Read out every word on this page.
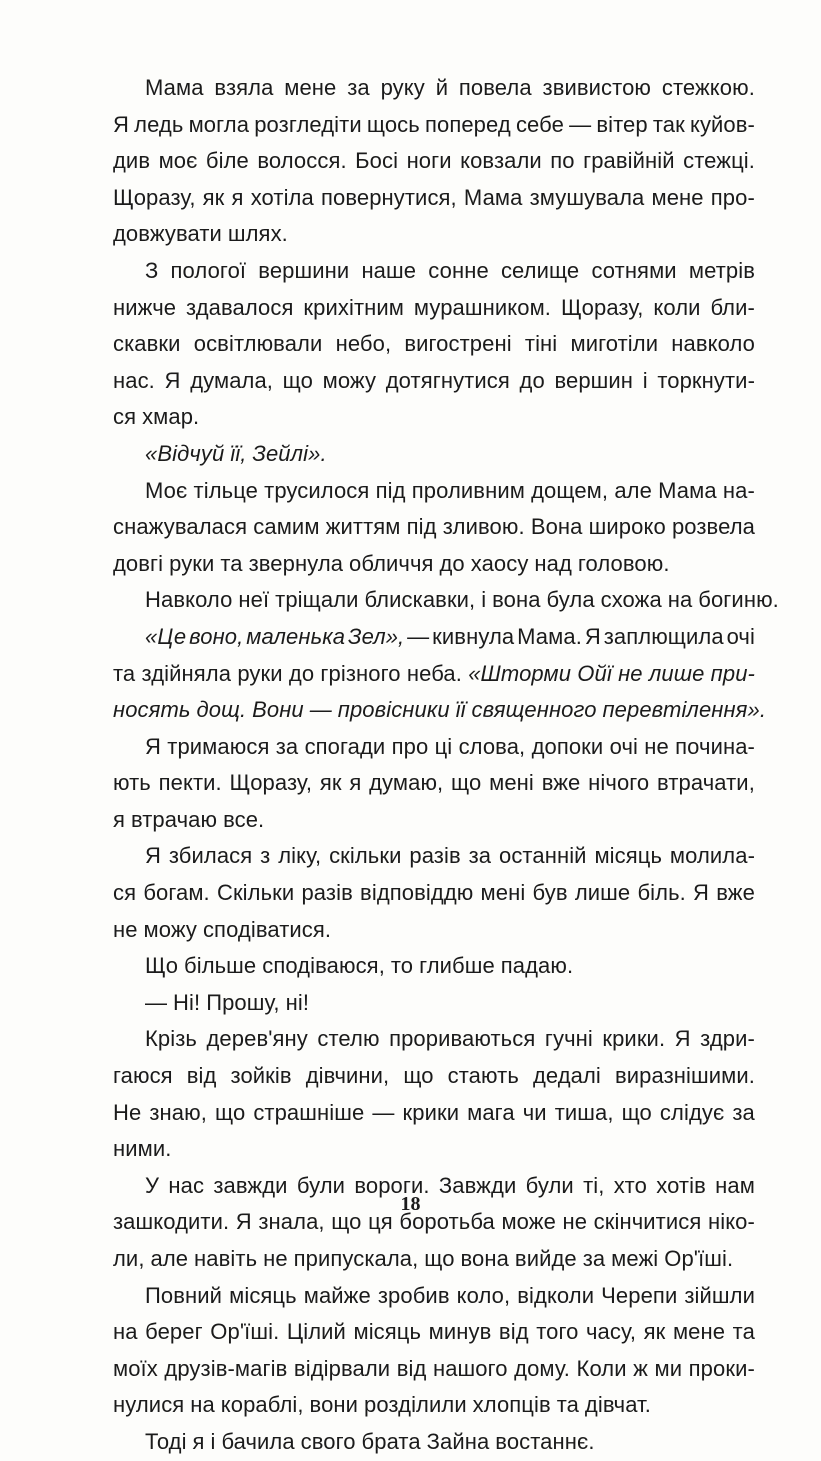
Мама взяла мене за руку й повела звивистою стежкою.
Я ледь могла розгледіти щось поперед себе — вітер так куйов-
див моє біле волосся. Босі ноги ковзали по гравійній стежці.
Щоразу, як я хотіла повернутися, Мама змушувала мене про-
довжувати шлях.
З пологої вершини наше сонне селище сотнями метрів
нижче здавалося крихітним мурашником. Щоразу, коли бли-
скавки освітлювали небо, вигострені тіні миготіли навколо
нас. Я думала, що можу дотягнутися до вершин і торкнути-
ся хмар.
«Відчуй її, Зейлі».
Моє тільце трусилося під проливним дощем, але Мама на-
снажувалася самим життям під зливою. Вона широко розвела
довгі руки та звернула обличчя до хаосу над головою.
Навколо неї тріщали блискавки, і вона була схожа на богиню.
«Це воно, маленька Зел», — кивнула Мама. Я заплющила очі
та здійняла руки до грізного неба. «Шторми Ойї не лише при-
носять дощ. Вони — провісники її священного перевтілення».
Я тримаюся за спогади про ці слова, допоки очі не починa-
ють пекти. Щоразу, як я думаю, що мені вже нічого втрачати,
я втрачаю все.
Я збилася з ліку, скільки разів за останній місяць молила-
ся богам. Скільки разів відповіддю мені був лише біль. Я вже
не можу сподіватися.
Що більше сподіваюся, то глибше падаю.
— Ні! Прошу, ні!
Крізь дерев'яну стелю прориваються гучні крики. Я здри-
гаюся від зойків дівчини, що стають дедалі виразнішими.
Не знаю, що страшніше — крики мага чи тиша, що слідує за
ними.
У нас завжди були вороги. Завжди були ті, хто хотів нам
зашкодити. Я знала, що ця боротьба може не скінчитися ніко-
ли, але навіть не припускала, що вона вийде за межі Ор'їші.
Повний місяць майже зробив коло, відколи Черепи зійшли
на берег Ор'їші. Цілий місяць минув від того часу, як мене та
моїх друзів-магів відірвали від нашого дому. Коли ж ми прoки-
нулися на кораблі, вони розділили хлопців та дівчат.
Тоді я і бачила свого брата Зайна востаннє.
18
